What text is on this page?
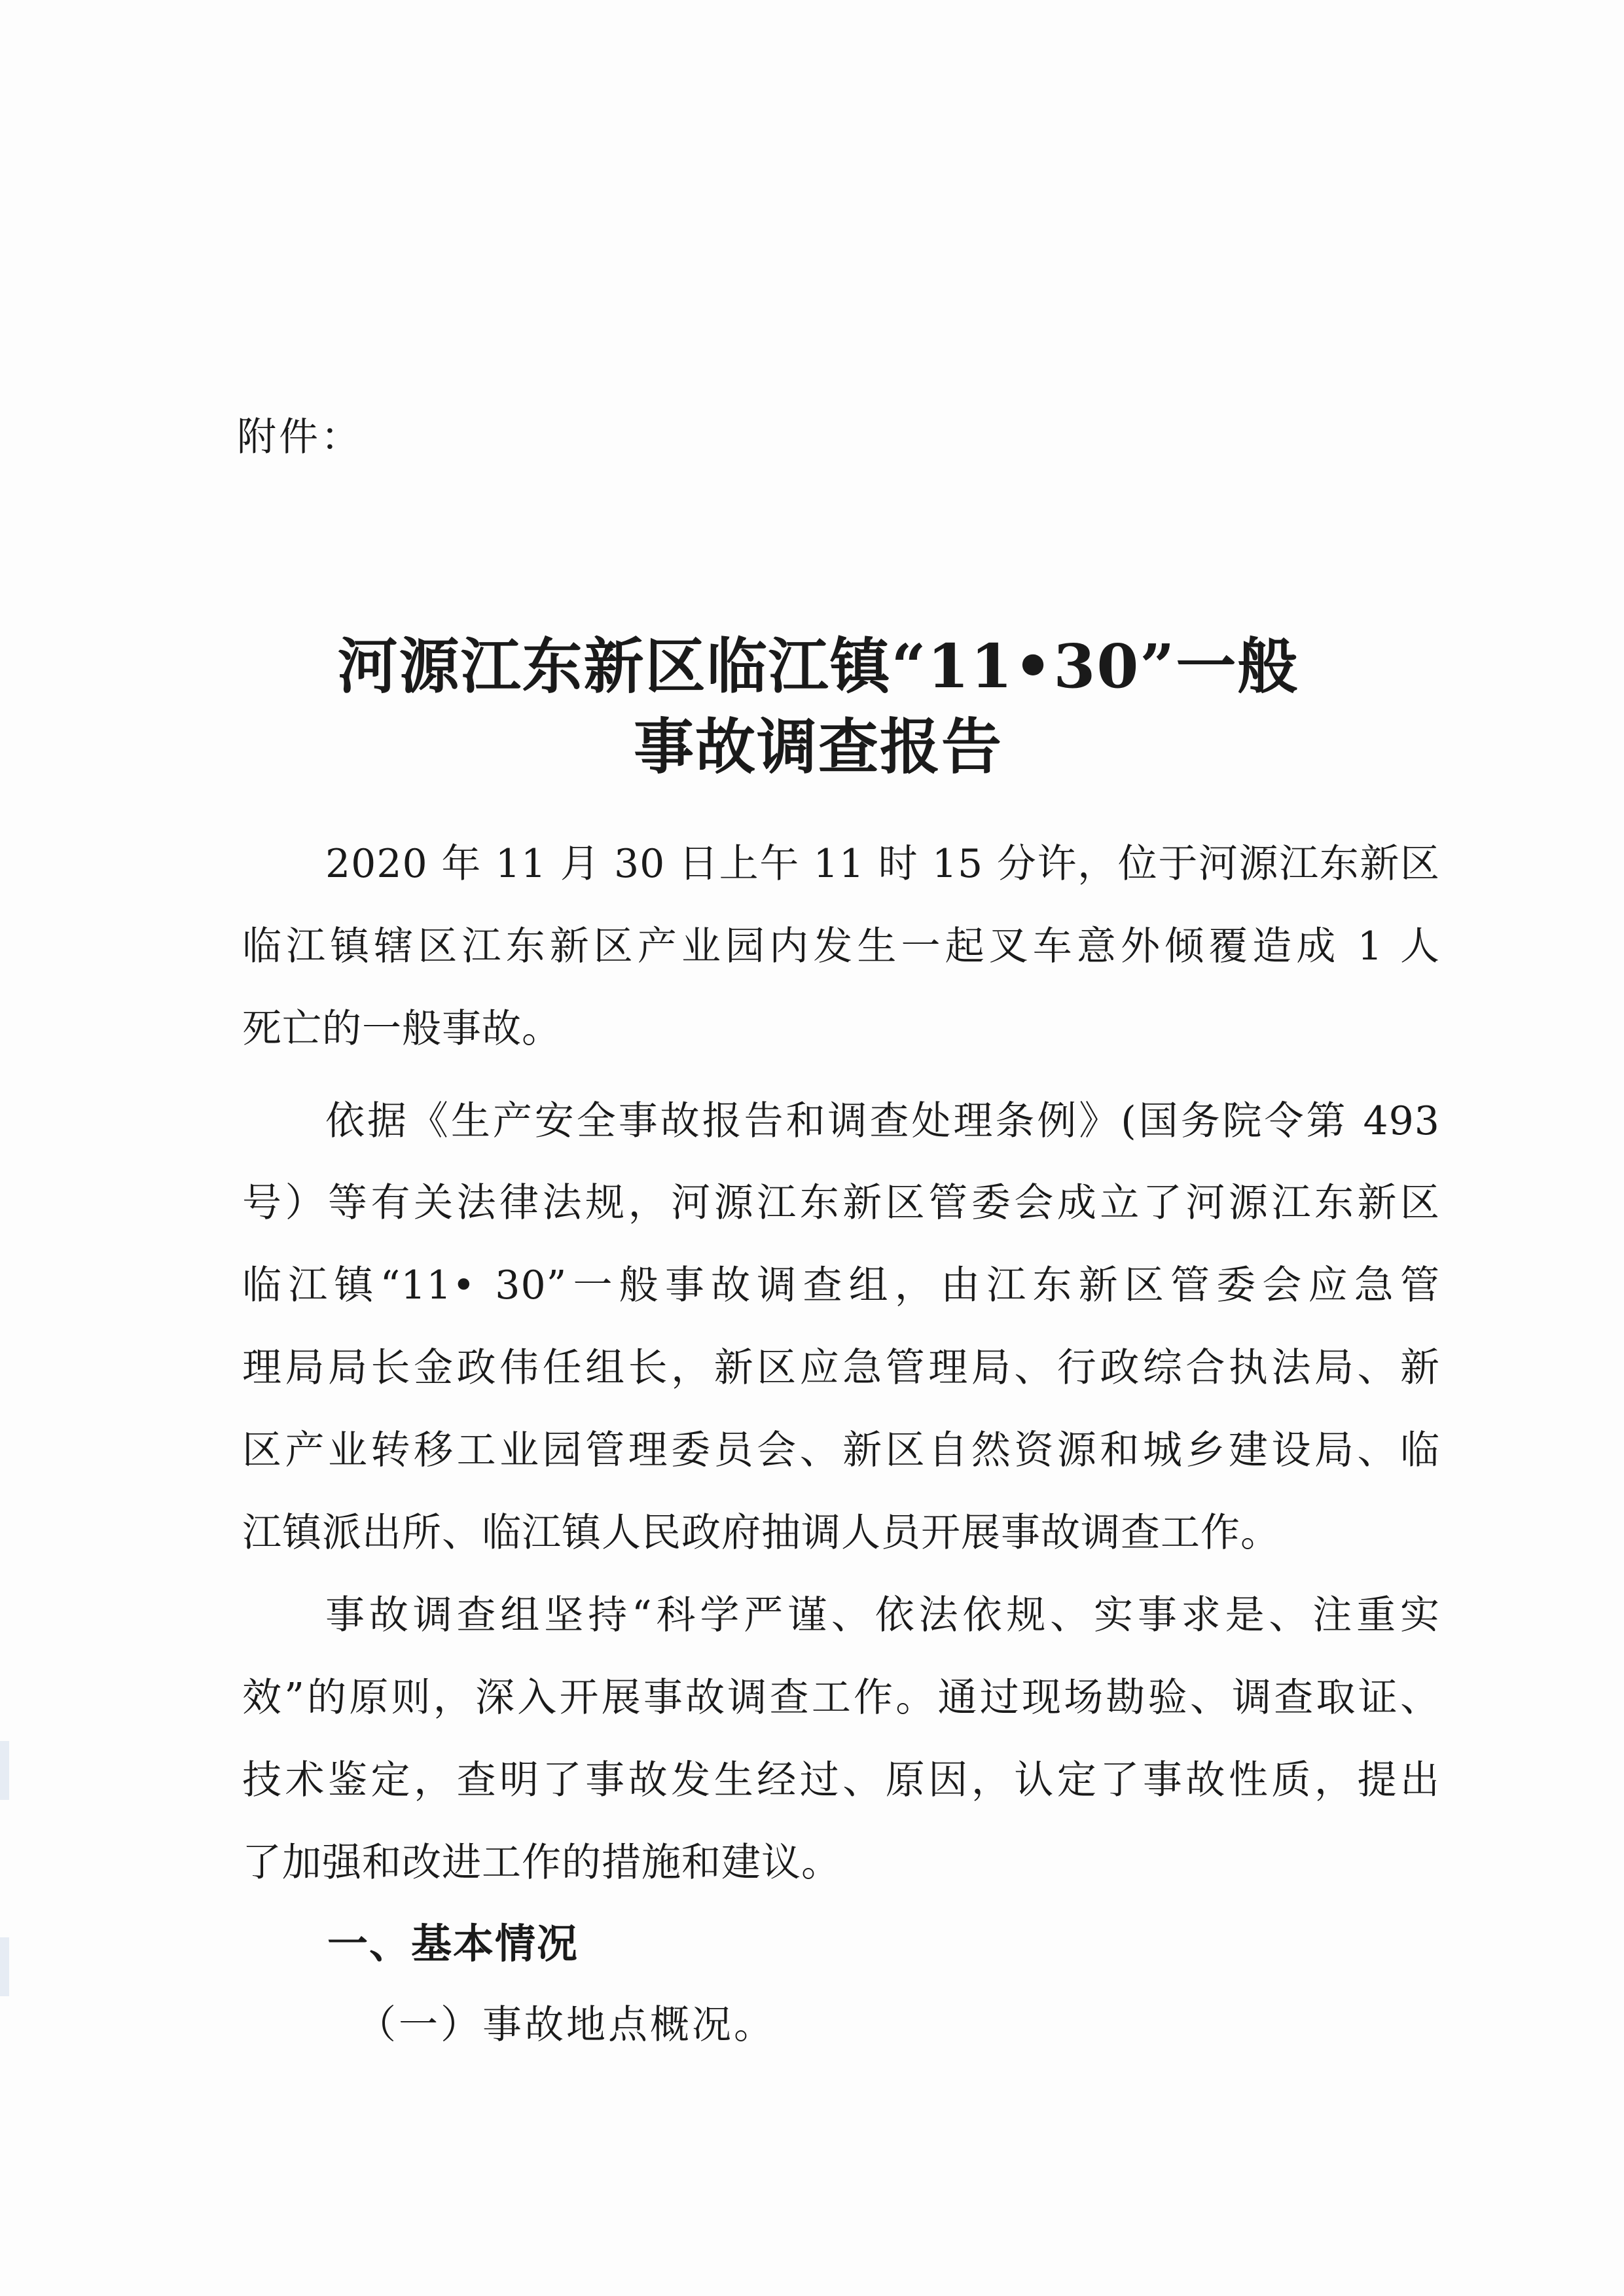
附件：
河源江东新区临江镇“11•30”一般
事故调查报告
2020 年 11 月 30 日上午 11 时 15 分许，位于河源江东新区
临江镇辖区江东新区产业园内发生一起叉车意外倾覆造成 1 人
死亡的一般事故。
依据《生产安全事故报告和调查处理条例》(国务院令第 493
号）等有关法律法规，河源江东新区管委会成立了河源江东新区
临江镇“11• 30”一般事故调查组，由江东新区管委会应急管
理局局长金政伟任组长，新区应急管理局、行政综合执法局、新
区产业转移工业园管理委员会、新区自然资源和城乡建设局、临
江镇派出所、临江镇人民政府抽调人员开展事故调查工作。
事故调查组坚持“科学严谨、依法依规、实事求是、注重实
效”的原则，深入开展事故调查工作。通过现场勘验、调查取证、
技术鉴定，查明了事故发生经过、原因，认定了事故性质，提出
了加强和改进工作的措施和建议。
一、基本情况
（一）事故地点概况。
